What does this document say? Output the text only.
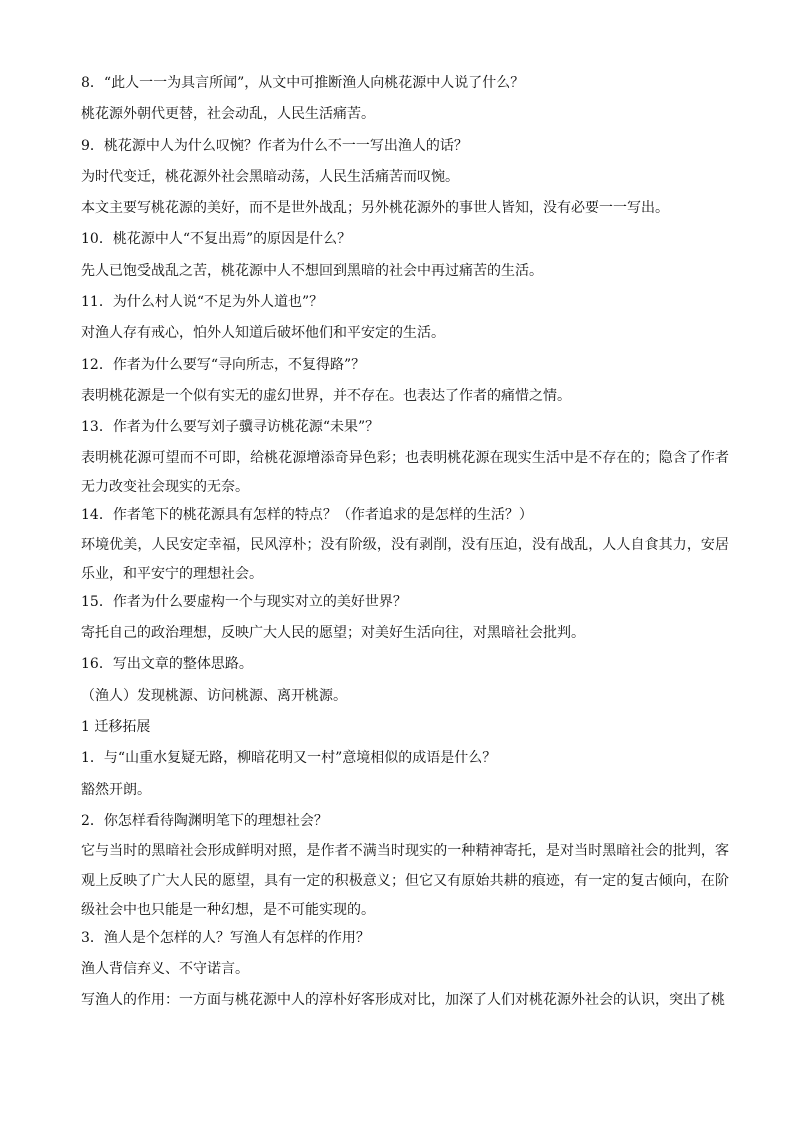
8．“此人一一为具言所闻”，从文中可推断渔人向桃花源中人说了什么？
桃花源外朝代更替，社会动乱，人民生活痛苦。
9．桃花源中人为什么叹惋？作者为什么不一一写出渔人的话？
为时代变迁，桃花源外社会黑暗动荡，人民生活痛苦而叹惋。
本文主要写桃花源的美好，而不是世外战乱；另外桃花源外的事世人皆知，没有必要一一写出。
10．桃花源中人“不复出焉”的原因是什么？
先人已饱受战乱之苦，桃花源中人不想回到黑暗的社会中再过痛苦的生活。
11．为什么村人说“不足为外人道也”？
对渔人存有戒心，怕外人知道后破坏他们和平安定的生活。
12．作者为什么要写“寻向所志，不复得路”？
表明桃花源是一个似有实无的虚幻世界，并不存在。也表达了作者的痛惜之情。
13．作者为什么要写刘子骥寻访桃花源“未果”？
表明桃花源可望而不可即，给桃花源增添奇异色彩；也表明桃花源在现实生活中是不存在的；隐含了作者无力改变社会现实的无奈。
14．作者笔下的桃花源具有怎样的特点？（作者追求的是怎样的生活？）
环境优美，人民安定幸福，民风淳朴；没有阶级，没有剥削，没有压迫，没有战乱，人人自食其力，安居乐业，和平安宁的理想社会。
15．作者为什么要虚构一个与现实对立的美好世界？
寄托自己的政治理想，反映广大人民的愿望；对美好生活向往，对黑暗社会批判。
16．写出文章的整体思路。
（渔人）发现桃源、访问桃源、离开桃源。
1 迁移拓展
1．与“山重水复疑无路，柳暗花明又一村”意境相似的成语是什么？
豁然开朗。
2．你怎样看待陶渊明笔下的理想社会？
它与当时的黑暗社会形成鲜明对照，是作者不满当时现实的一种精神寄托，是对当时黑暗社会的批判，客观上反映了广大人民的愿望，具有一定的积极意义；但它又有原始共耕的痕迹，有一定的复古倾向，在阶级社会中也只能是一种幻想，是不可能实现的。
3．渔人是个怎样的人？写渔人有怎样的作用？
渔人背信弃义、不守诺言。
写渔人的作用：一方面与桃花源中人的淳朴好客形成对比，加深了人们对桃花源外社会的认识，突出了桃
